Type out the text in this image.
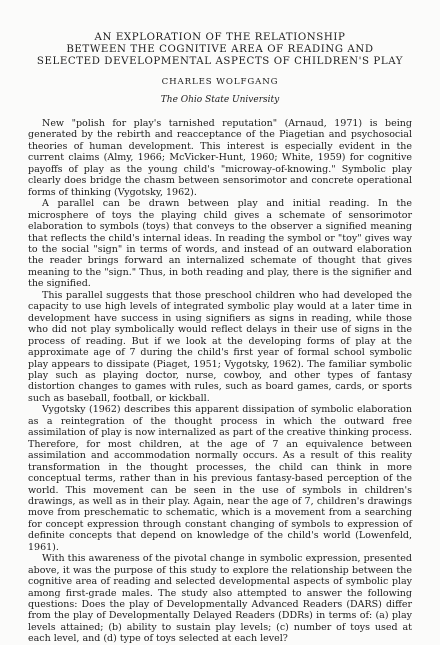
AN EXPLORATION OF THE RELATIONSHIP
BETWEEN THE COGNITIVE AREA OF READING AND
SELECTED DEVELOPMENTAL ASPECTS OF CHILDREN'S PLAY
CHARLES WOLFGANG
The Ohio State University

New "polish for play's tarnished reputation" (Arnaud, 1971) is being generated by the rebirth and reacceptance of the Piagetian and psychosocial theories of human development. This interest is especially evident in the current claims (Almy, 1966; McVicker-Hunt, 1960; White, 1959) for cognitive payoffs of play as the young child's "microway-of-knowing." Symbolic play clearly does bridge the chasm between sensorimotor and concrete operational forms of thinking (Vygotsky, 1962).

A parallel can be drawn between play and initial reading. In the microsphere of toys the playing child gives a schemate of sensorimotor elaboration to symbols (toys) that conveys to the observer a signified meaning that reflects the child's internal ideas. In reading the symbol or "toy" gives way to the social "sign" in terms of words, and instead of an outward elaboration the reader brings forward an internalized schemate of thought that gives meaning to the "sign." Thus, in both reading and play, there is the signifier and the signified.

This parallel suggests that those preschool children who had developed the capacity to use high levels of integrated symbolic play would at a later time in development have success in using signifiers as signs in reading, while those who did not play symbolically would reflect delays in their use of signs in the process of reading. But if we look at the developing forms of play at the approximate age of 7 during the child's first year of formal school symbolic play appears to dissipate (Piaget, 1951; Vygotsky, 1962). The familiar symbolic play such as playing doctor, nurse, cowboy, and other types of fantasy distortion changes to games with rules, such as board games, cards, or sports such as baseball, football, or kickball.

Vygotsky (1962) describes this apparent dissipation of symbolic elaboration as a reintegration of the thought process in which the outward free assimilation of play is now internalized as part of the creative thinking process. Therefore, for most children, at the age of 7 an equivalence between assimilation and accommodation normally occurs. As a result of this reality transformation in the thought processes, the child can think in more conceptual terms, rather than in his previous fantasy-based perception of the world. This movement can be seen in the use of symbols in children's drawings, as well as in their play. Again, near the age of 7, children's drawings move from preschematic to schematic, which is a movement from a searching for concept expression through constant changing of symbols to expression of definite concepts that depend on knowledge of the child's world (Lowenfeld, 1961).

With this awareness of the pivotal change in symbolic expression, presented above, it was the purpose of this study to explore the relationship between the cognitive area of reading and selected developmental aspects of symbolic play among first-grade males. The study also attempted to answer the following questions: Does the play of Developmentally Advanced Readers (DARS) differ from the play of Developmentally Delayed Readers (DDRs) in terms of: (a) play levels attained; (b) ability to sustain play levels; (c) number of toys used at each level, and (d) type of toys selected at each level?
